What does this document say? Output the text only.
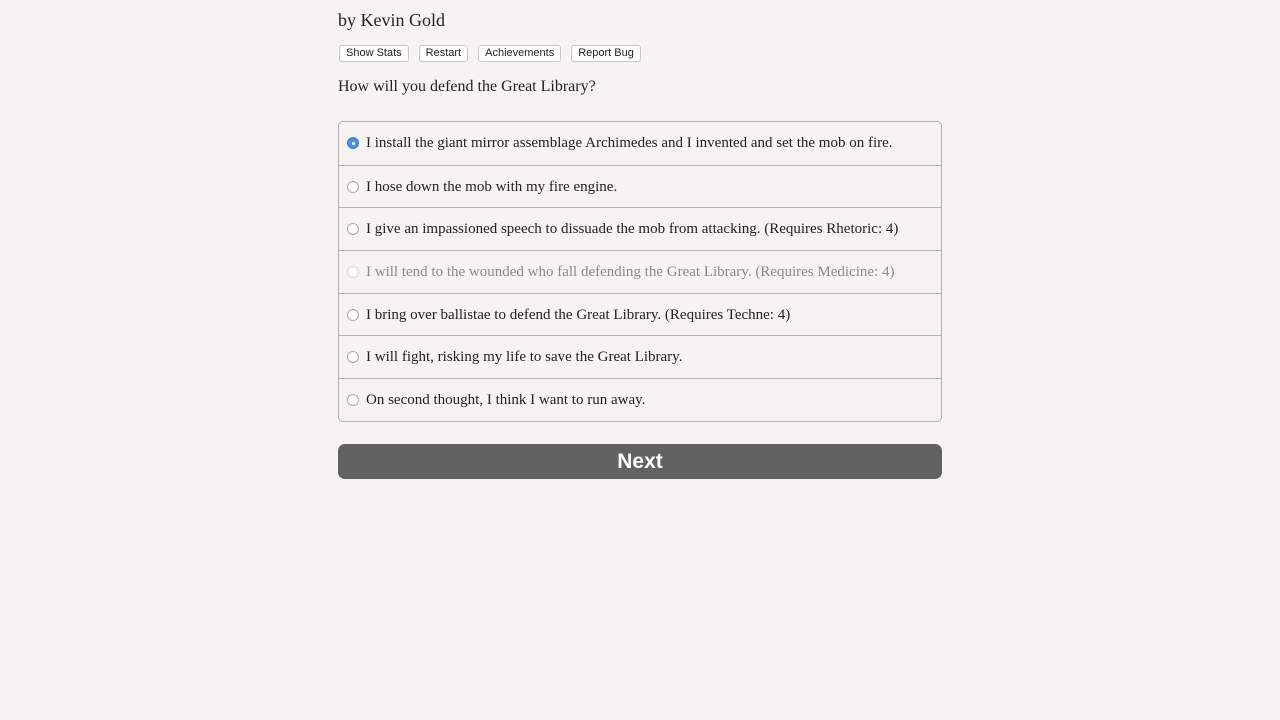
by Kevin Gold
Show Stats	Restart	Achievements	Report Bug
How will you defend the Great Library?
I install the giant mirror assemblage Archimedes and I invented and set the mob on fire.
I hose down the mob with my fire engine.
I give an impassioned speech to dissuade the mob from attacking. (Requires Rhetoric: 4)
I will tend to the wounded who fall defending the Great Library. (Requires Medicine: 4)
I bring over ballistae to defend the Great Library. (Requires Techne: 4)
I will fight, risking my life to save the Great Library.
On second thought, I think I want to run away.
Next
